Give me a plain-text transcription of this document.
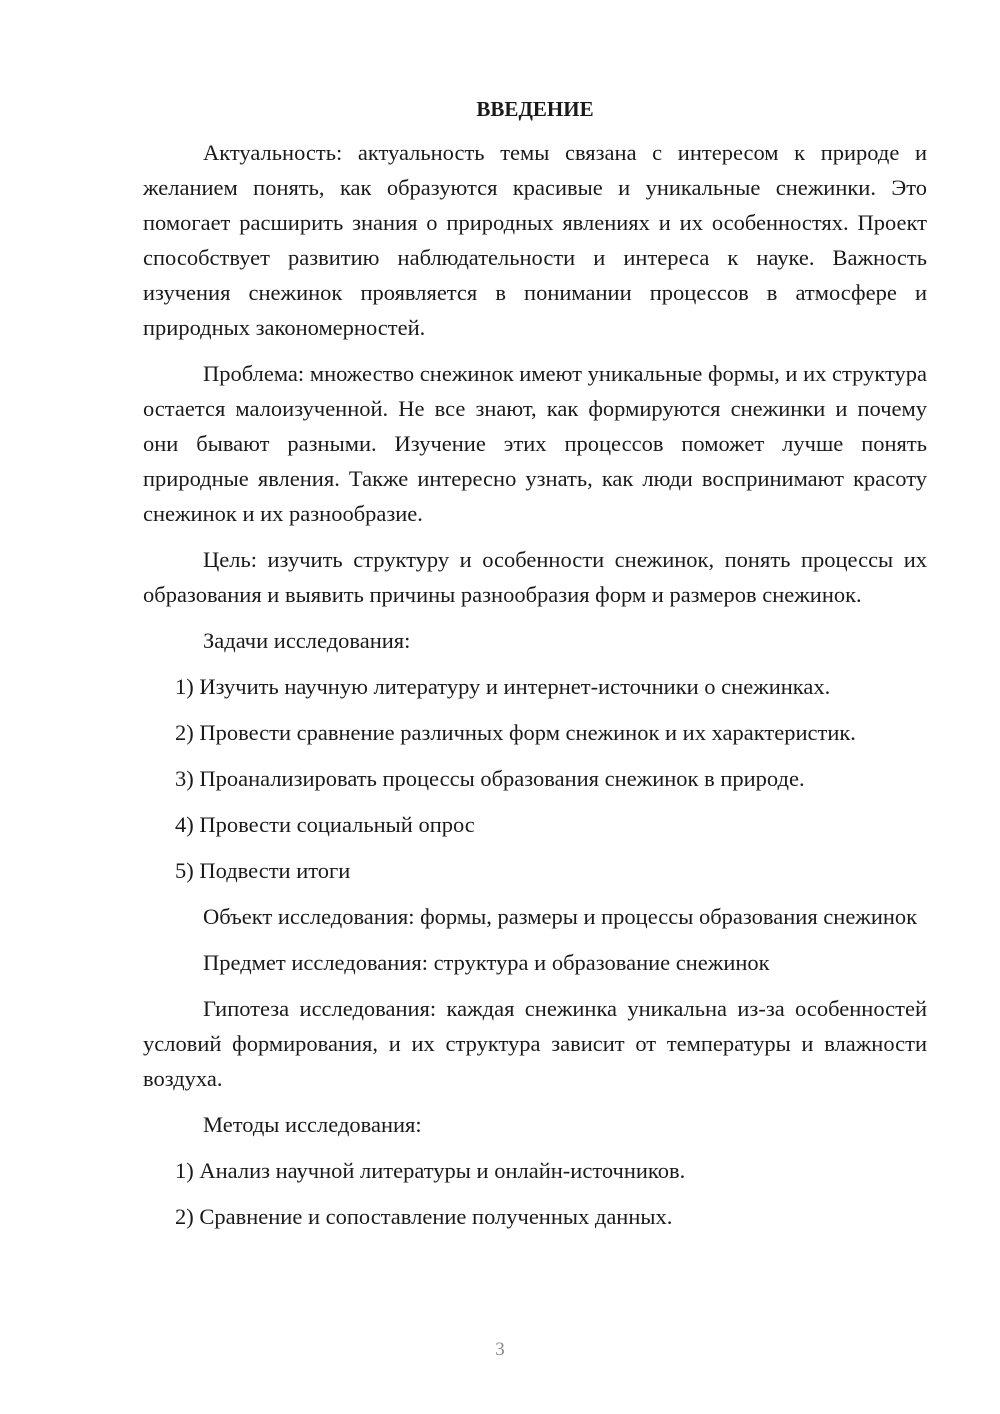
ВВЕДЕНИЕ

Актуальность: актуальность темы связана с интересом к природе и желанием понять, как образуются красивые и уникальные снежинки. Это помогает расширить знания о природных явлениях и их особенностях. Проект способствует развитию наблюдательности и интереса к науке. Важность изучения снежинок проявляется в понимании процессов в атмосфере и природных закономерностей.

Проблема: множество снежинок имеют уникальные формы, и их структура остается малоизученной. Не все знают, как формируются снежинки и почему они бывают разными. Изучение этих процессов поможет лучше понять природные явления. Также интересно узнать, как люди воспринимают красоту снежинок и их разнообразие.

Цель: изучить структуру и особенности снежинок, понять процессы их образования и выявить причины разнообразия форм и размеров снежинок.

Задачи исследования:

1) Изучить научную литературу и интернет-источники о снежинках.

2) Провести сравнение различных форм снежинок и их характеристик.

3) Проанализировать процессы образования снежинок в природе.

4) Провести социальный опрос

5) Подвести итоги

Объект исследования: формы, размеры и процессы образования снежинок

Предмет исследования: структура и образование снежинок

Гипотеза исследования: каждая снежинка уникальна из-за особенностей условий формирования, и их структура зависит от температуры и влажности воздуха.

Методы исследования:

1) Анализ научной литературы и онлайн-источников.

2) Сравнение и сопоставление полученных данных.

3
